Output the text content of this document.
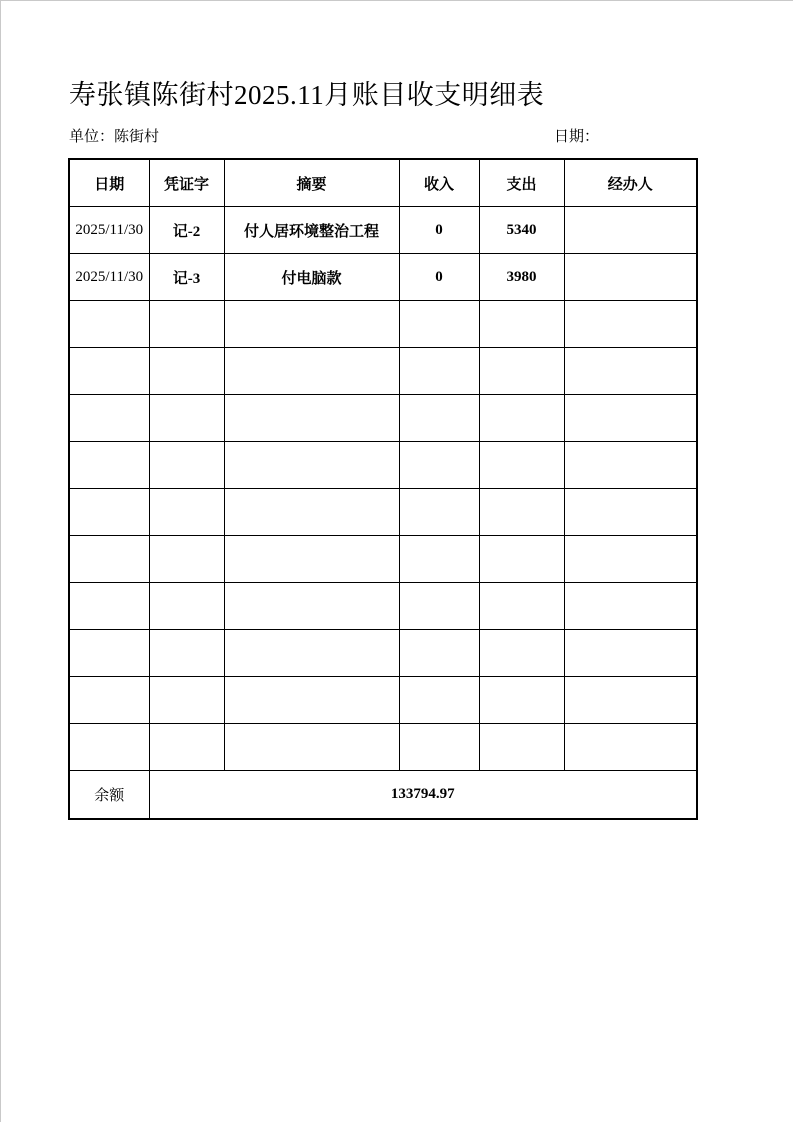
寿张镇陈街村2025.11月账目收支明细表
单位：陈街村	日期：
日期	凭证字	摘要	收入	支出	经办人
2025/11/30	记-2	付人居环境整治工程	0	5340	
2025/11/30	记-3	付电脑款	0	3980	

余额	133794.97				
